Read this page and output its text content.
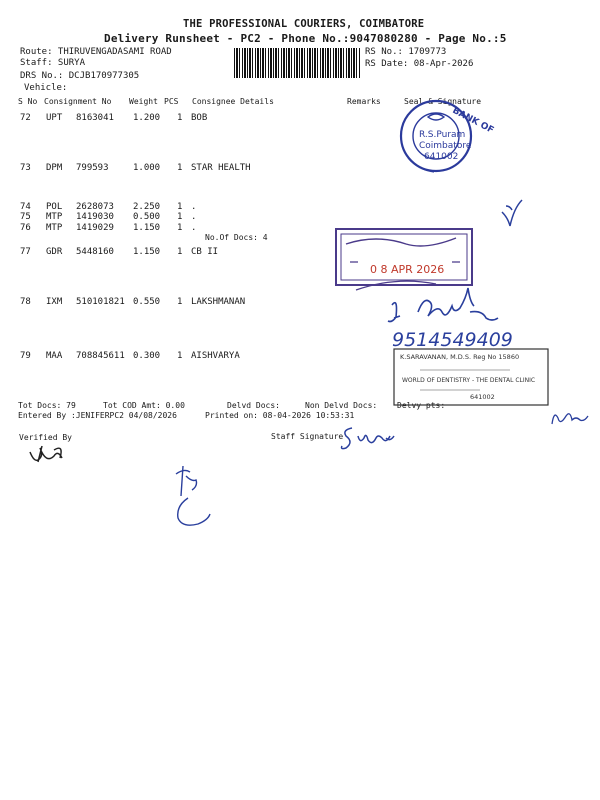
THE PROFESSIONAL COURIERS, COIMBATORE
Delivery Runsheet - PC2 - Phone No.:9047080280 - Page No.:5
Route: THIRUVENGADASAMI ROAD
Staff: SURYA
DRS No.: DCJB170977305
Vehicle:
RS No.: 1709773
RS Date: 08-Apr-2026
S No Consignment No Weight PCS Consignee Details	Remarks	Seal & Signature
72 UPT 8163041 1.200 1 BOB
73 DPM 799593	1.000 1 STAR HEALTH
74 POL 2628073 2.250 1 .
75 MTP 1419030 0.500 1 .
76 MTP 1419029 1.150 1 .
No.Of Docs: 4
77 GDR 5448160 1.150 1 CB II
78 IXM 510101821 0.550 1 LAKSHMANAN
79 MAA 708845611 0.300 1 AISHVARYA
Tot Docs: 79	Tot COD Amt: 0.00	Delvd Docs:	Non Delvd Docs: Delvy pts:
Entered By :JENIFERPC2 04/08/2026	Printed on: 08-04-2026 10:53:31
Verified By	Staff Signature
BANK OF
R.S.Puram
Coimbatore
641002
0 8 APR 2026
9514549409
K.SARAVANAN, M.D.S. Reg No 15860
WORLD OF DENTISTRY - THE DENTAL CLINIC
641002
